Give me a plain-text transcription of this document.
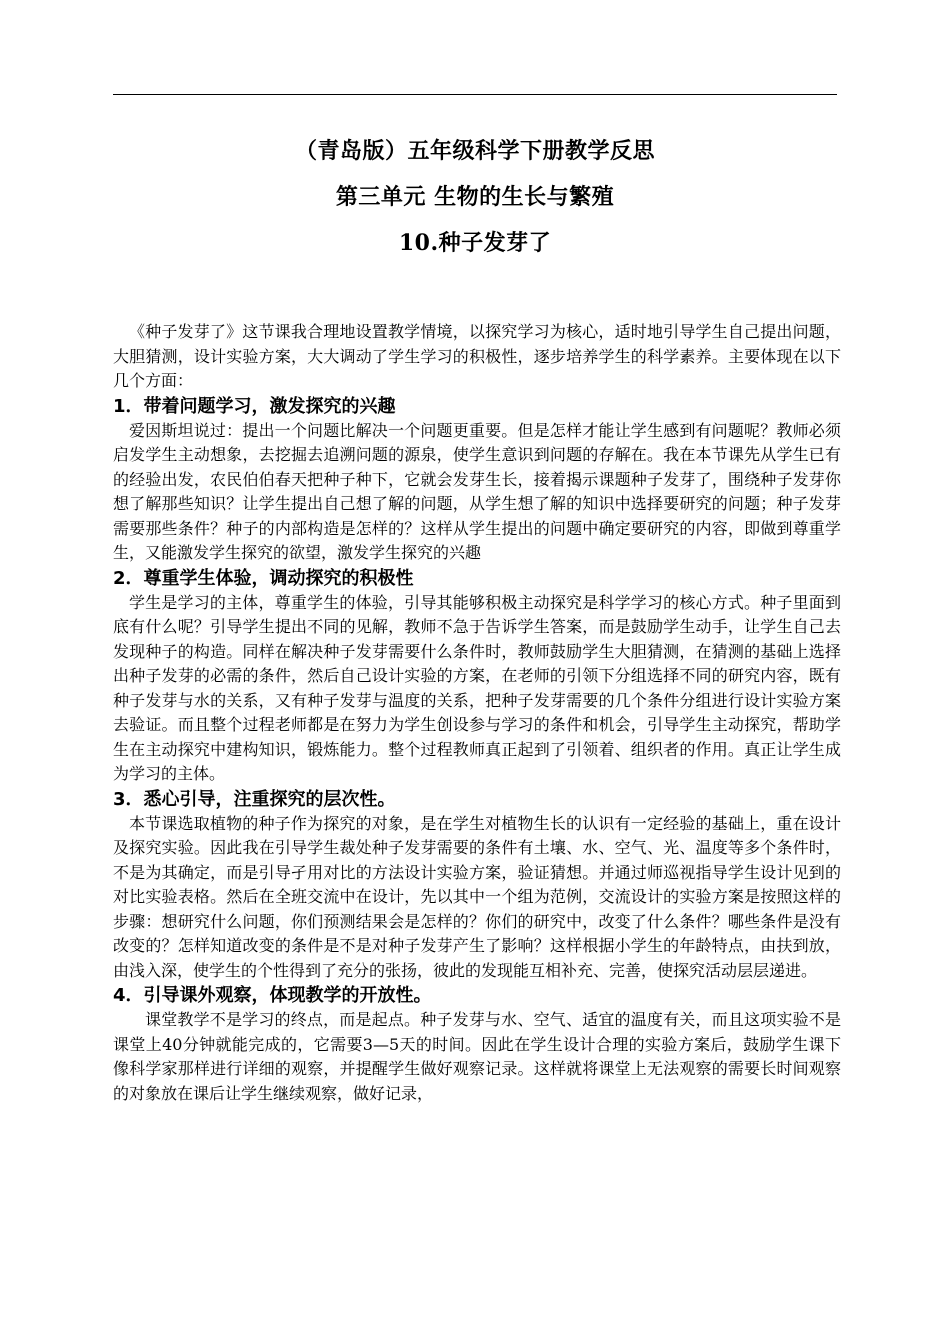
（青岛版）五年级科学下册教学反思
第三单元 生物的生长与繁殖
10.种子发芽了

《种子发芽了》这节课我合理地设置教学情境，以探究学习为核心，适时地引导学生自己提出问题，大胆猜测，设计实验方案，大大调动了学生学习的积极性，逐步培养学生的科学素养。主要体现在以下几个方面：

1．带着问题学习，激发探究的兴趣

爱因斯坦说过：提出一个问题比解决一个问题更重要。但是怎样才能让学生感到有问题呢？教师必须启发学生主动想象，去挖掘去追溯问题的源泉，使学生意识到问题的存解在。我在本节课先从学生已有的经验出发，农民伯伯春天把种子种下，它就会发芽生长，接着揭示课题种子发芽了，围绕种子发芽你想了解那些知识？让学生提出自己想了解的问题，从学生想了解的知识中选择要研究的问题；种子发芽需要那些条件？种子的内部构造是怎样的？这样从学生提出的问题中确定要研究的内容，即做到尊重学生，又能激发学生探究的欲望，激发学生探究的兴趣

2．尊重学生体验，调动探究的积极性

学生是学习的主体，尊重学生的体验，引导其能够积极主动探究是科学学习的核心方式。种子里面到底有什么呢？引导学生提出不同的见解，教师不急于告诉学生答案，而是鼓励学生动手，让学生自己去发现种子的构造。同样在解决种子发芽需要什么条件时，教师鼓励学生大胆猜测，在猜测的基础上选择出种子发芽的必需的条件，然后自己设计实验的方案，在老师的引领下分组选择不同的研究内容，既有种子发芽与水的关系，又有种子发芽与温度的关系，把种子发芽需要的几个条件分组进行设计实验方案去验证。而且整个过程老师都是在努力为学生创设参与学习的条件和机会，引导学生主动探究，帮助学生在主动探究中建构知识，锻炼能力。整个过程教师真正起到了引领着、组织者的作用。真正让学生成为学习的主体。

3．悉心引导，注重探究的层次性。

本节课选取植物的种子作为探究的对象，是在学生对植物生长的认识有一定经验的基础上，重在设计及探究实验。因此我在引导学生裁处种子发芽需要的条件有土壤、水、空气、光、温度等多个条件时，不是为其确定，而是引导孑用对比的方法设计实验方案，验证猜想。并通过师巡视指导学生设计见到的对比实验表格。然后在全班交流中在设计，先以其中一个组为范例，交流设计的实验方案是按照这样的步骤：想研究什么问题，你们预测结果会是怎样的？你们的研究中，改变了什么条件？哪些条件是没有改变的？怎样知道改变的条件是不是对种子发芽产生了影响？这样根据小学生的年龄特点，由扶到放，由浅入深，使学生的个性得到了充分的张扬，彼此的发现能互相补充、完善，使探究活动层层递进。

4．引导课外观察，体现教学的开放性。

课堂教学不是学习的终点，而是起点。种子发芽与水、空气、适宜的温度有关，而且这项实验不是课堂上40分钟就能完成的，它需要3—5天的时间。因此在学生设计合理的实验方案后，鼓励学生课下像科学家那样进行详细的观察，并提醒学生做好观察记录。这样就将课堂上无法观察的需要长时间观察的对象放在课后让学生继续观察，做好记录，
